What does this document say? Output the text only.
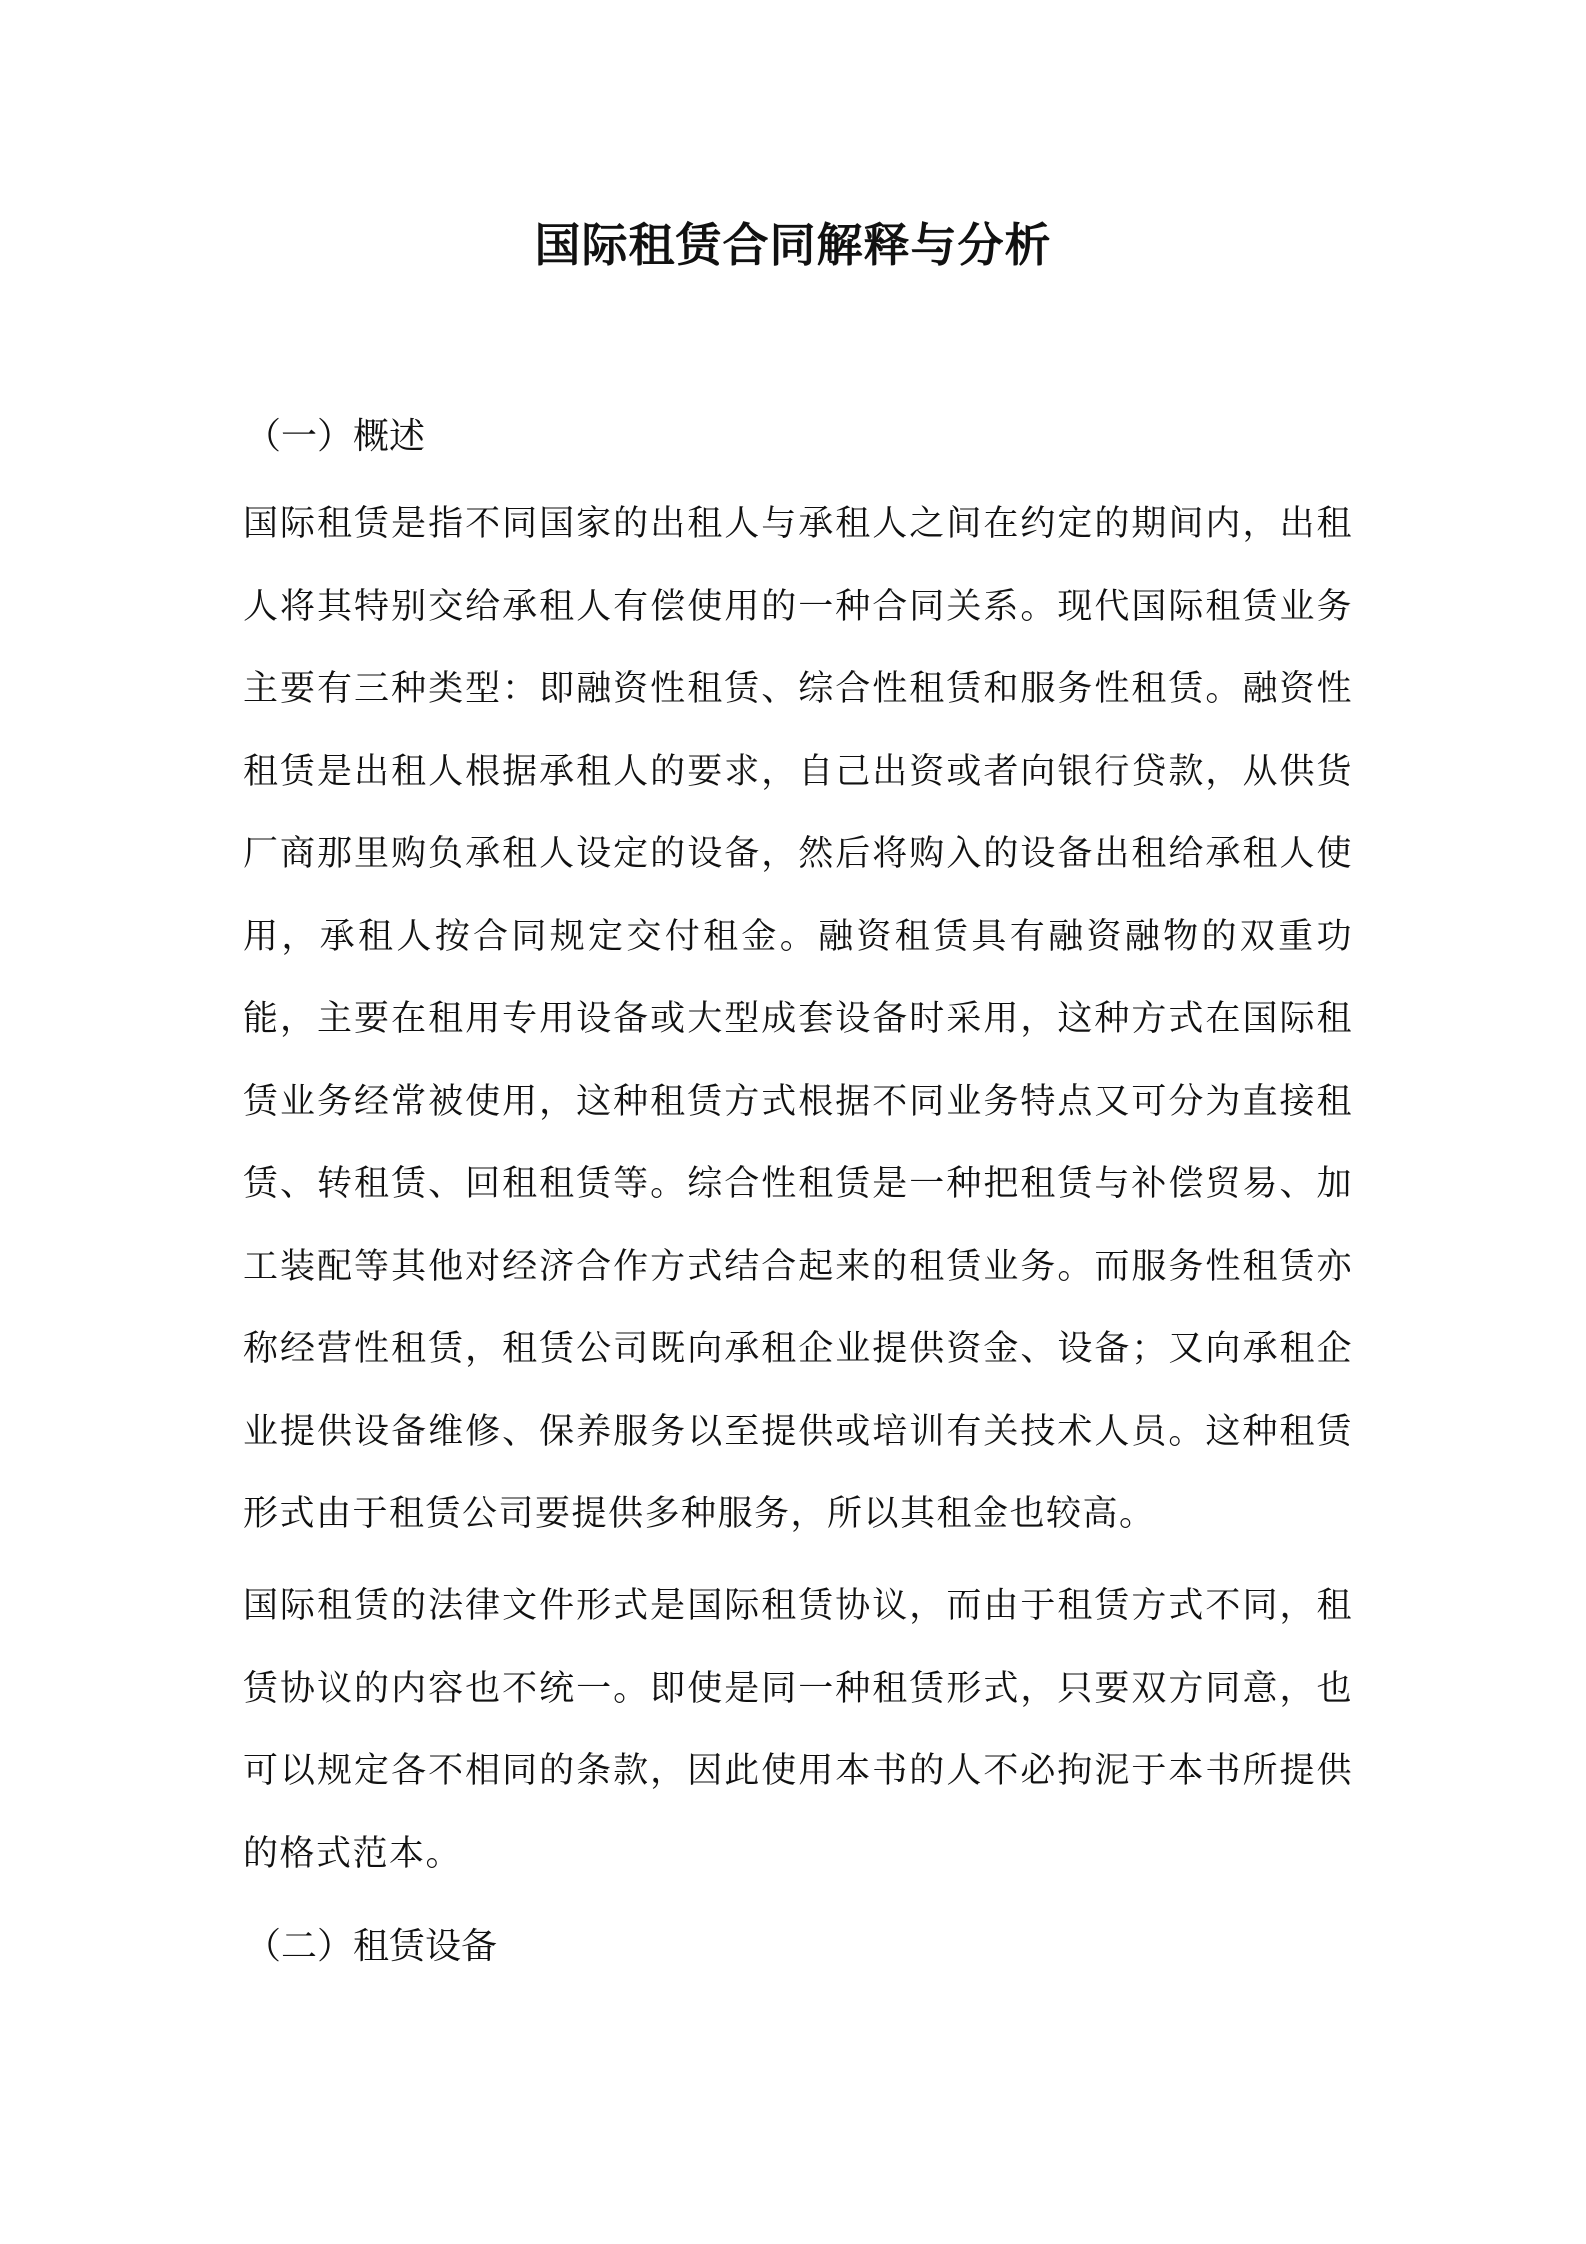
国际租赁合同解释与分析
（一）概述

国际租赁是指不同国家的出租人与承租人之间在约定的期间内，出租人将其特别交给承租人有偿使用的一种合同关系。现代国际租赁业务主要有三种类型：即融资性租赁、综合性租赁和服务性租赁。融资性租赁是出租人根据承租人的要求，自己出资或者向银行贷款，从供货厂商那里购负承租人设定的设备，然后将购入的设备出租给承租人使用，承租人按合同规定交付租金。融资租赁具有融资融物的双重功能，主要在租用专用设备或大型成套设备时采用，这种方式在国际租赁业务经常被使用，这种租赁方式根据不同业务特点又可分为直接租赁、转租赁、回租租赁等。综合性租赁是一种把租赁与补偿贸易、加工装配等其他对经济合作方式结合起来的租赁业务。而服务性租赁亦称经营性租赁，租赁公司既向承租企业提供资金、设备；又向承租企业提供设备维修、保养服务以至提供或培训有关技术人员。这种租赁形式由于租赁公司要提供多种服务，所以其租金也较高。

国际租赁的法律文件形式是国际租赁协议，而由于租赁方式不同，租赁协议的内容也不统一。即使是同一种租赁形式，只要双方同意，也可以规定各不相同的条款，因此使用本书的人不必拘泥于本书所提供的格式范本。

（二）租赁设备
